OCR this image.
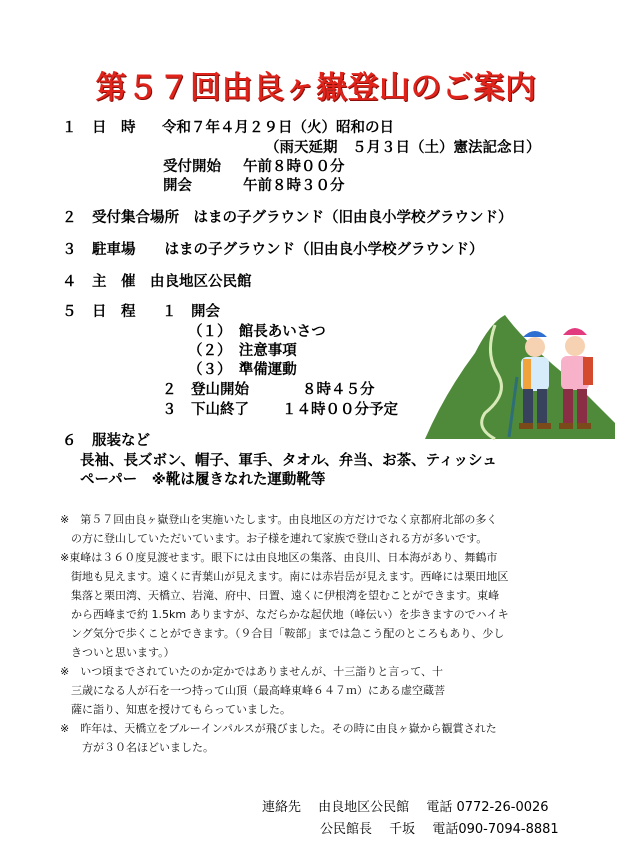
第５７回由良ヶ嶽登山のご案内
１ 日　時 令和７年４月２９日（火）昭和の日
（雨天延期　５月３日（土）憲法記念日）
受付開始 午前８時００分
開会	午前８時３０分
２ 受付集合場所　はまの子グラウンド（旧由良小学校グラウンド）
３ 駐車場　　はまの子グラウンド（旧由良小学校グラウンド）
４ 主　催　由良地区公民館
５ 日　程 １　開会
（１）　館長あいさつ
（２）　注意事項
（３）　準備運動
２　登山開始	８時４５分
３　下山終了 １４時００分予定
６ 服装など
長袖、長ズボン、帽子、軍手、タオル、弁当、お茶、ティッシュ
ペーパー　※靴は履きなれた運動靴等
※　第５７回由良ヶ嶽登山を実施いたします。由良地区の方だけでなく京都府北部の多く
　の方に登山していただいています。お子様を連れて家族で登山される方が多いです。
※東峰は３６０度見渡せます。眼下には由良地区の集落、由良川、日本海があり、舞鶴市
　街地も見えます。遠くに青葉山が見えます。南には赤岩岳が見えます。西峰には栗田地区
　集落と栗田湾、天橋立、岩滝、府中、日置、遠くに伊根湾を望むことができます。東峰
　から西峰まで約 1.5km ありますが、なだらかな起伏地（峰伝い）を歩きますのでハイキ
　ング気分で歩くことができます。（９合目「鞍部」までは急こう配のところもあり、少し
　きついと思います。）
※　いつ頃までされていたのか定かではありませんが、十三詣りと言って、十
　三歳になる人が石を一つ持って山頂（最高峰東峰６４７ｍ）にある虚空蔵菩
　薩に詣り、知恵を授けてもらっていました。
※　昨年は、天橋立をブルーインパルスが飛びました。その時に由良ヶ嶽から観賞された
　　方が３０名ほどいました。
連絡先　 由良地区公民館　 電話 0772-26-0026
公民館長　 千坂　 電話090-7094-8881
